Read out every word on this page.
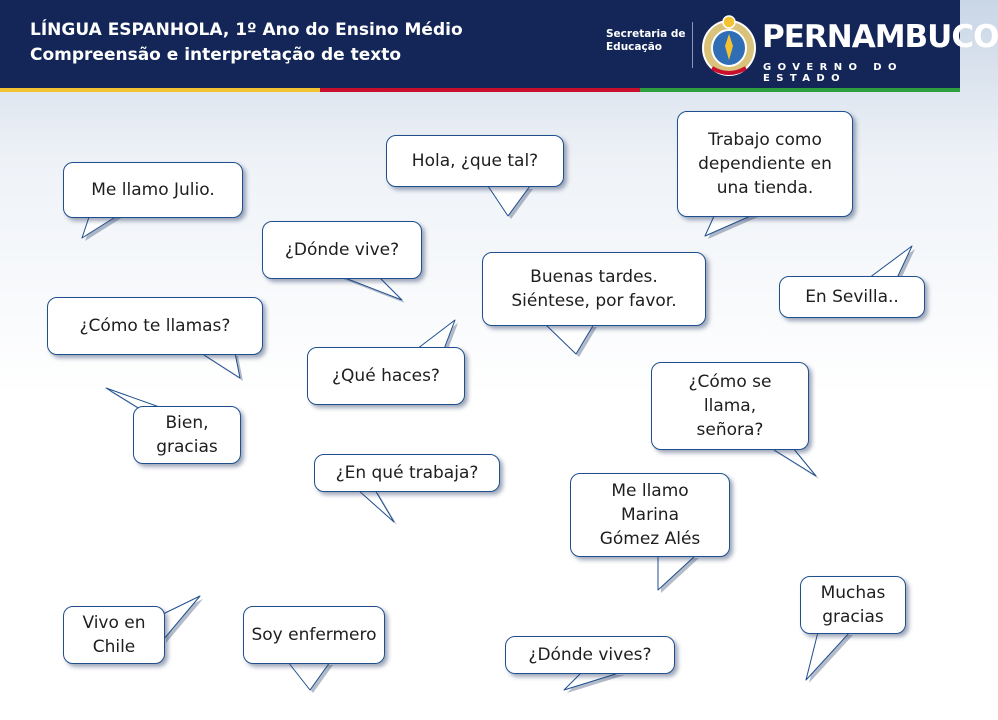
LÍNGUA ESPANHOLA, 1º Ano do Ensino Médio
Compreensão e interpretação de texto
Secretaria de
Educação	PERNAMBUCO
GOVERNO DO ESTADO
Me llamo Julio.
Hola, ¿que tal?
Trabajo como dependiente en una tienda.
¿Dónde vive?
Buenas tardes. Siéntese, por favor.	En Sevilla..
¿Cómo te llamas?
¿Qué haces?	¿Cómo se llama, señora?
Bien, gracias
¿En qué trabaja?
Me llamo Marina Gómez Alés
Muchas gracias
Vivo en Chile
Soy enfermero
¿Dónde vives?
